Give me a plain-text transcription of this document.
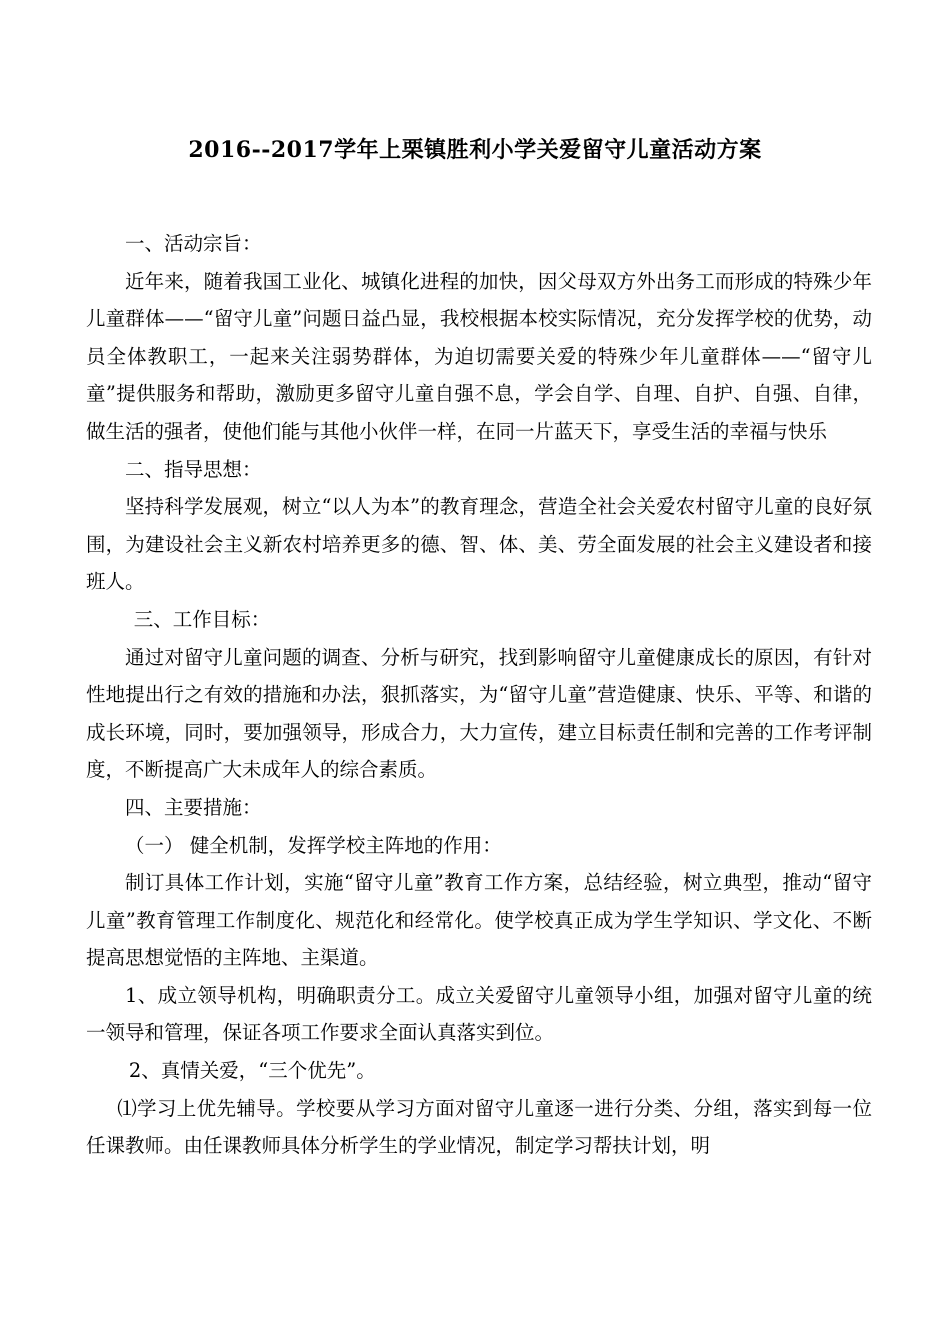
2016--2017学年上栗镇胜利小学关爱留守儿童活动方案

一、活动宗旨：

近年来，随着我国工业化、城镇化进程的加快，因父母双方外出务工而形成的特殊少年儿童群体——“留守儿童”问题日益凸显，我校根据本校实际情况，充分发挥学校的优势，动员全体教职工，一起来关注弱势群体，为迫切需要关爱的特殊少年儿童群体——“留守儿童”提供服务和帮助，激励更多留守儿童自强不息，学会自学、自理、自护、自强、自律，做生活的强者，使他们能与其他小伙伴一样，在同一片蓝天下，享受生活的幸福与快乐

二、指导思想：

坚持科学发展观，树立“以人为本”的教育理念，营造全社会关爱农村留守儿童的良好氛围，为建设社会主义新农村培养更多的德、智、体、美、劳全面发展的社会主义建设者和接班人。

三、工作目标：

通过对留守儿童问题的调查、分析与研究，找到影响留守儿童健康成长的原因，有针对性地提出行之有效的措施和办法，狠抓落实，为“留守儿童”营造健康、快乐、平等、和谐的成长环境，同时，要加强领导，形成合力，大力宣传，建立目标责任制和完善的工作考评制度，不断提高广大未成年人的综合素质。

四、主要措施：

（一） 健全机制，发挥学校主阵地的作用：

制订具体工作计划，实施“留守儿童”教育工作方案，总结经验，树立典型，推动“留守儿童”教育管理工作制度化、规范化和经常化。使学校真正成为学生学知识、学文化、不断提高思想觉悟的主阵地、主渠道。

1、成立领导机构，明确职责分工。成立关爱留守儿童领导小组，加强对留守儿童的统一领导和管理，保证各项工作要求全面认真落实到位。

2、真情关爱，“三个优先”。

⑴学习上优先辅导。学校要从学习方面对留守儿童逐一进行分类、分组，落实到每一位任课教师。由任课教师具体分析学生的学业情况，制定学习帮扶计划，明
